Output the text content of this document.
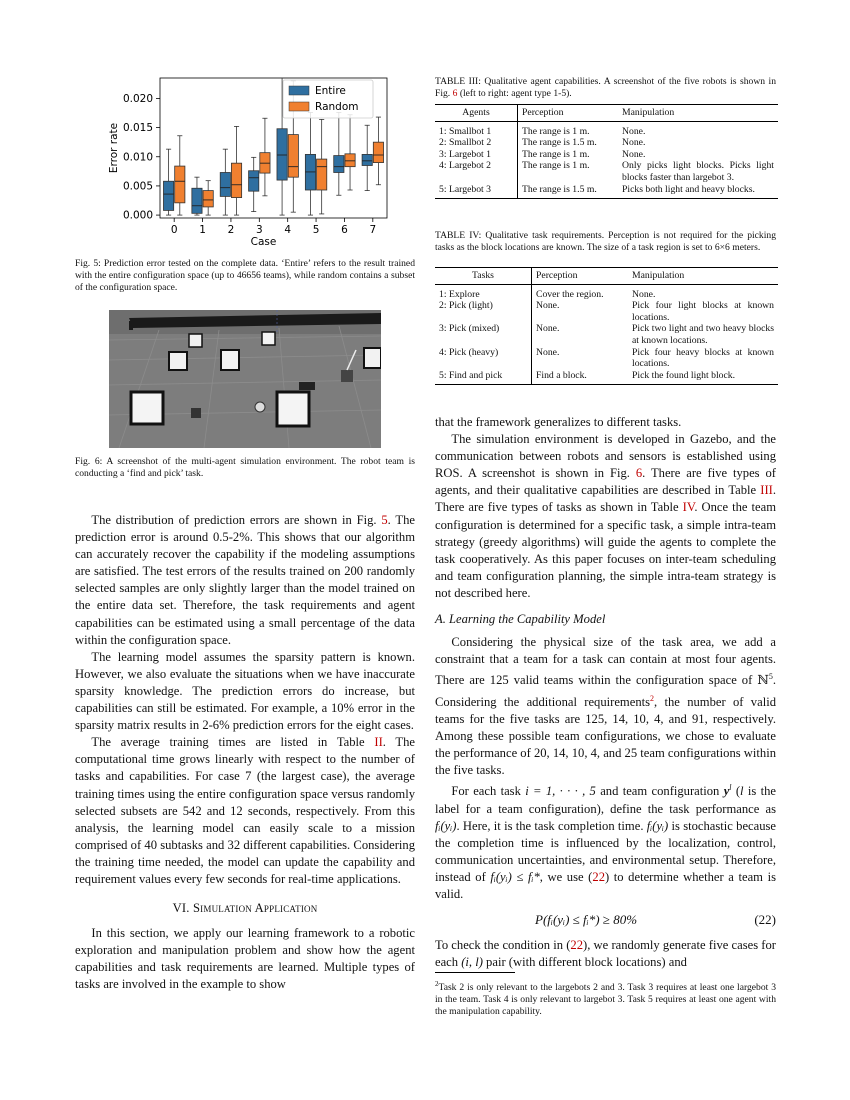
0.000
0.005
0.010
0.015
0.020
0 1 2 3 4 5 6 7
Case
Error rate
Entire
Random
Fig. 5: Prediction error tested on the complete data. ‘Entire’ refers to the result trained with the entire configuration space (up to 46656 teams), while random contains a subset of the configuration space.
Fig. 6: A screenshot of the multi-agent simulation environment. The robot team is conducting a ‘find and pick’ task.

The distribution of prediction errors are shown in Fig. 5. The prediction error is around 0.5-2%. This shows that our algorithm can accurately recover the capability if the modeling assumptions are satisfied. The test errors of the results trained on 200 randomly selected samples are only slightly larger than the model trained on the entire data set. Therefore, the task requirements and agent capabilities can be estimated using a small percentage of the data within the configuration space.

The learning model assumes the sparsity pattern is known. However, we also evaluate the situations when we have inaccurate sparsity knowledge. The prediction errors do increase, but capabilities can still be estimated. For example, a 10% error in the sparsity matrix results in 2-6% prediction errors for the eight cases.

The average training times are listed in Table II. The computational time grows linearly with respect to the number of tasks and capabilities. For case 7 (the largest case), the average training times using the entire configuration space versus randomly selected subsets are 542 and 12 seconds, respectively. From this analysis, the learning model can easily scale to a mission comprised of 40 subtasks and 32 different capabilities. Considering the training time needed, the model can update the capability and requirement values every few seconds for real-time applications.

VI. Simulation Application

In this section, we apply our learning framework to a robotic exploration and manipulation problem and show how the agent capabilities and task requirements are learned. Multiple types of tasks are involved in the example to show

TABLE III: Qualitative agent capabilities. A screenshot of the five robots is shown in Fig. 6 (left to right: agent type 1-5).
Agents	Perception	Manipulation
1: Smallbot 1	The range is 1 m.	None.
2: Smallbot 2	The range is 1.5 m.	None.
3: Largebot 1	The range is 1 m.	None.
4: Largebot 2	The range is 1 m.	Only picks light blocks. Picks light blocks faster than largebot 3.
5: Largebot 3	The range is 1.5 m.	Picks both light and heavy blocks.
TABLE IV: Qualitative task requirements. Perception is not required for the picking tasks as the block locations are known. The size of a task region is set to 6×6 meters.
Tasks	Perception	Manipulation
1: Explore	Cover the region.	None.
2: Pick (light)	None.	Pick four light blocks at known locations.
3: Pick (mixed)	None.	Pick two light and two heavy blocks at known locations.
4: Pick (heavy)	None.	Pick four heavy blocks at known locations.
5: Find and pick	Find a block.	Pick the found light block.

that the framework generalizes to different tasks.

The simulation environment is developed in Gazebo, and the communication between robots and sensors is established using ROS. A screenshot is shown in Fig. 6. There are five types of agents, and their qualitative capabilities are described in Table III. There are five types of tasks as shown in Table IV. Once the team configuration is determined for a specific task, a simple intra-team strategy (greedy algorithms) will guide the agents to complete the task cooperatively. As this paper focuses on inter-team scheduling and team configuration planning, the simple intra-team strategy is not described here.

A. Learning the Capability Model

Considering the physical size of the task area, we add a constraint that a team for a task can contain at most four agents. There are 125 valid teams within the configuration space of ℕ$^5$. Considering the additional requirements$^2$, the number of valid teams for the five tasks are 125, 14, 10, 4, and 91, respectively. Among these possible team configurations, we chose to evaluate the performance of 20, 14, 10, 4, and 25 team configurations within the five tasks.

For each task i = 1, · · · , 5 and team configuration $y^l$ (l is the label for a team configuration), define the task performance as fᵢ(yᵢ). Here, it is the task completion time. fᵢ(yᵢ) is stochastic because the completion time is influenced by the localization, control, communication uncertainties, and environmental setup. Therefore, instead of fᵢ(yᵢ) ≤ fᵢ*, we use (22) to determine whether a team is valid.

P(fᵢ(yᵢ) ≤ fᵢ*) ≥ 80%	(22)

To check the condition in (22), we randomly generate five cases for each (i, l) pair (with different block locations) and

$^2$Task 2 is only relevant to the largebots 2 and 3. Task 3 requires at least one largebot 3 in the team. Task 4 is only relevant to largebot 3. Task 5 requires at least one agent with the manipulation capability.
